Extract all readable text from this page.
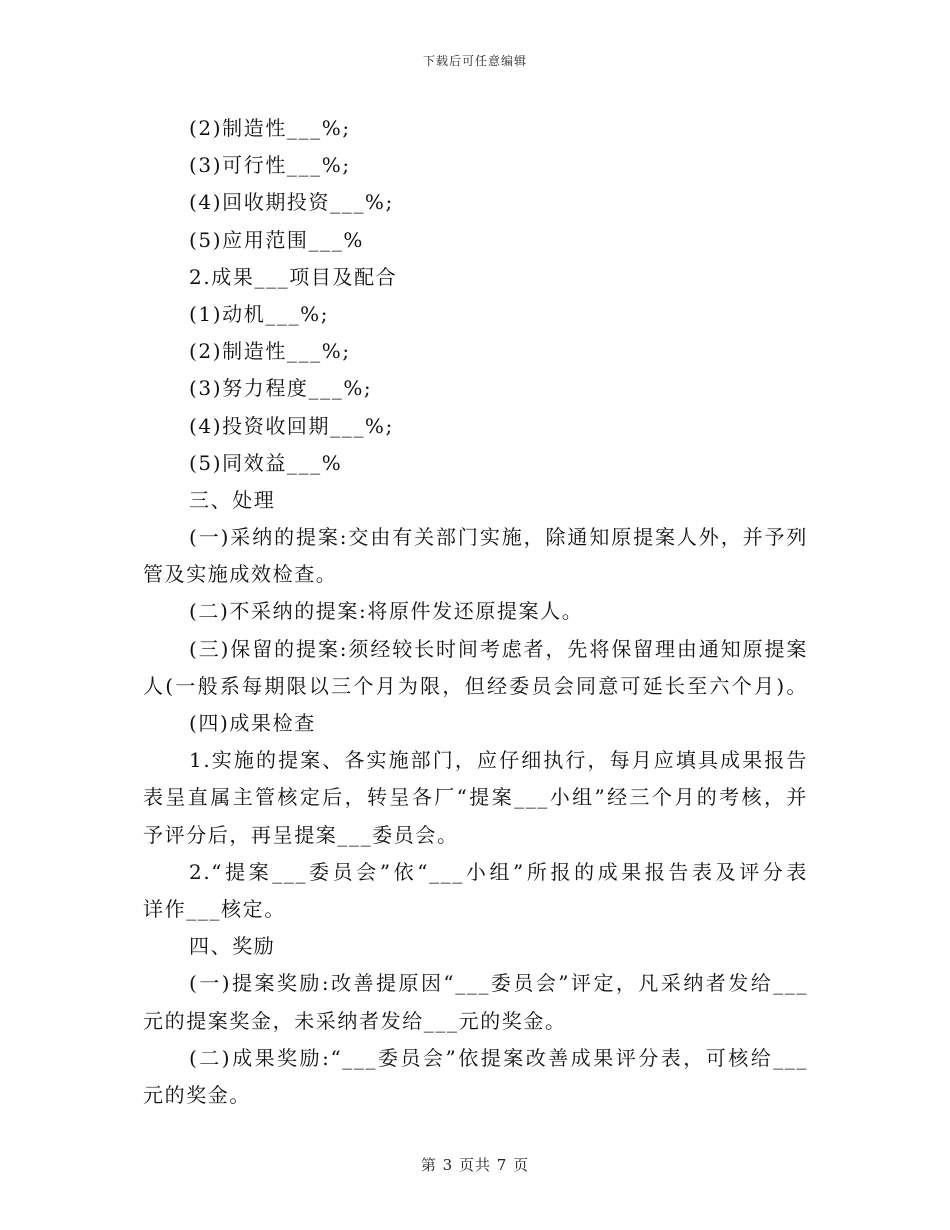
下载后可任意编辑
(2)制造性___%;
(3)可行性___%;
(4)回收期投资___%;
(5)应用范围___%
2.成果___项目及配合
(1)动机___%;
(2)制造性___%;
(3)努力程度___%;
(4)投资收回期___%;
(5)同效益___%
三、处理
(一)采纳的提案:交由有关部门实施，除通知原提案人外，并予列
管及实施成效检查。
(二)不采纳的提案:将原件发还原提案人。
(三)保留的提案:须经较长时间考虑者，先将保留理由通知原提案
人(一般系每期限以三个月为限，但经委员会同意可延长至六个月)。
(四)成果检查
1.实施的提案、各实施部门，应仔细执行，每月应填具成果报告
表呈直属主管核定后，转呈各厂“提案___小组”经三个月的考核，并
予评分后，再呈提案___委员会。
2.“提案___委员会”依“___小组”所报的成果报告表及评分表
详作___核定。
四、奖励
(一)提案奖励:改善提原因“___委员会”评定，凡采纳者发给___
元的提案奖金，未采纳者发给___元的奖金。
(二)成果奖励:“___委员会”依提案改善成果评分表，可核给___
元的奖金。
第 3 页共 7 页
